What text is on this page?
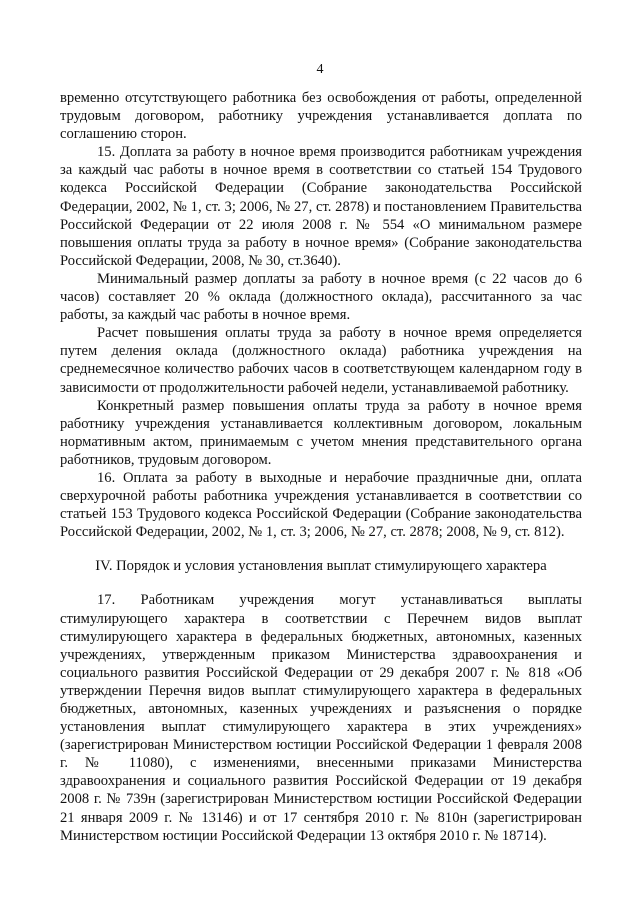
4

временно отсутствующего работника без освобождения от работы, определенной трудовым договором, работнику учреждения устанавливается доплата по соглашению сторон.

15. Доплата за работу в ночное время производится работникам учреждения за каждый час работы в ночное время в соответствии со статьей 154 Трудового кодекса Российской Федерации (Собрание законодательства Российской Федерации, 2002, № 1, ст. 3; 2006, № 27, ст. 2878) и постановлением Правительства Российской Федерации от 22 июля 2008 г. № 554 «О минимальном размере повышения оплаты труда за работу в ночное время» (Собрание законодательства Российской Федерации, 2008, № 30, ст.3640).

Минимальный размер доплаты за работу в ночное время (с 22 часов до 6 часов) составляет 20 % оклада (должностного оклада), рассчитанного за час работы, за каждый час работы в ночное время.

Расчет повышения оплаты труда за работу в ночное время определяется путем деления оклада (должностного оклада) работника учреждения на среднемесячное количество рабочих часов в соответствующем календарном году в зависимости от продолжительности рабочей недели, устанавливаемой работнику.

Конкретный размер повышения оплаты труда за работу в ночное время работнику учреждения устанавливается коллективным договором, локальным нормативным актом, принимаемым с учетом мнения представительного органа работников, трудовым договором.

16. Оплата за работу в выходные и нерабочие праздничные дни, оплата сверхурочной работы работника учреждения устанавливается в соответствии со статьей 153 Трудового кодекса Российской Федерации (Собрание законодательства Российской Федерации, 2002, № 1, ст. 3; 2006, № 27, ст. 2878; 2008, № 9, ст. 812).

IV. Порядок и условия установления выплат стимулирующего характера

17. Работникам учреждения могут устанавливаться выплаты стимулирующего характера в соответствии с Перечнем видов выплат стимулирующего характера в федеральных бюджетных, автономных, казенных учреждениях, утвержденным приказом Министерства здравоохранения и социального развития Российской Федерации от 29 декабря 2007 г. № 818 «Об утверждении Перечня видов выплат стимулирующего характера в федеральных бюджетных, автономных, казенных учреждениях и разъяснения о порядке установления выплат стимулирующего характера в этих учреждениях» (зарегистрирован Министерством юстиции Российской Федерации 1 февраля 2008 г. № 11080), с изменениями, внесенными приказами Министерства здравоохранения и социального развития Российской Федерации от 19 декабря 2008 г. № 739н (зарегистрирован Министерством юстиции Российской Федерации 21 января 2009 г. № 13146) и от 17 сентября 2010 г. № 810н (зарегистрирован Министерством юстиции Российской Федерации 13 октября 2010 г. № 18714).
